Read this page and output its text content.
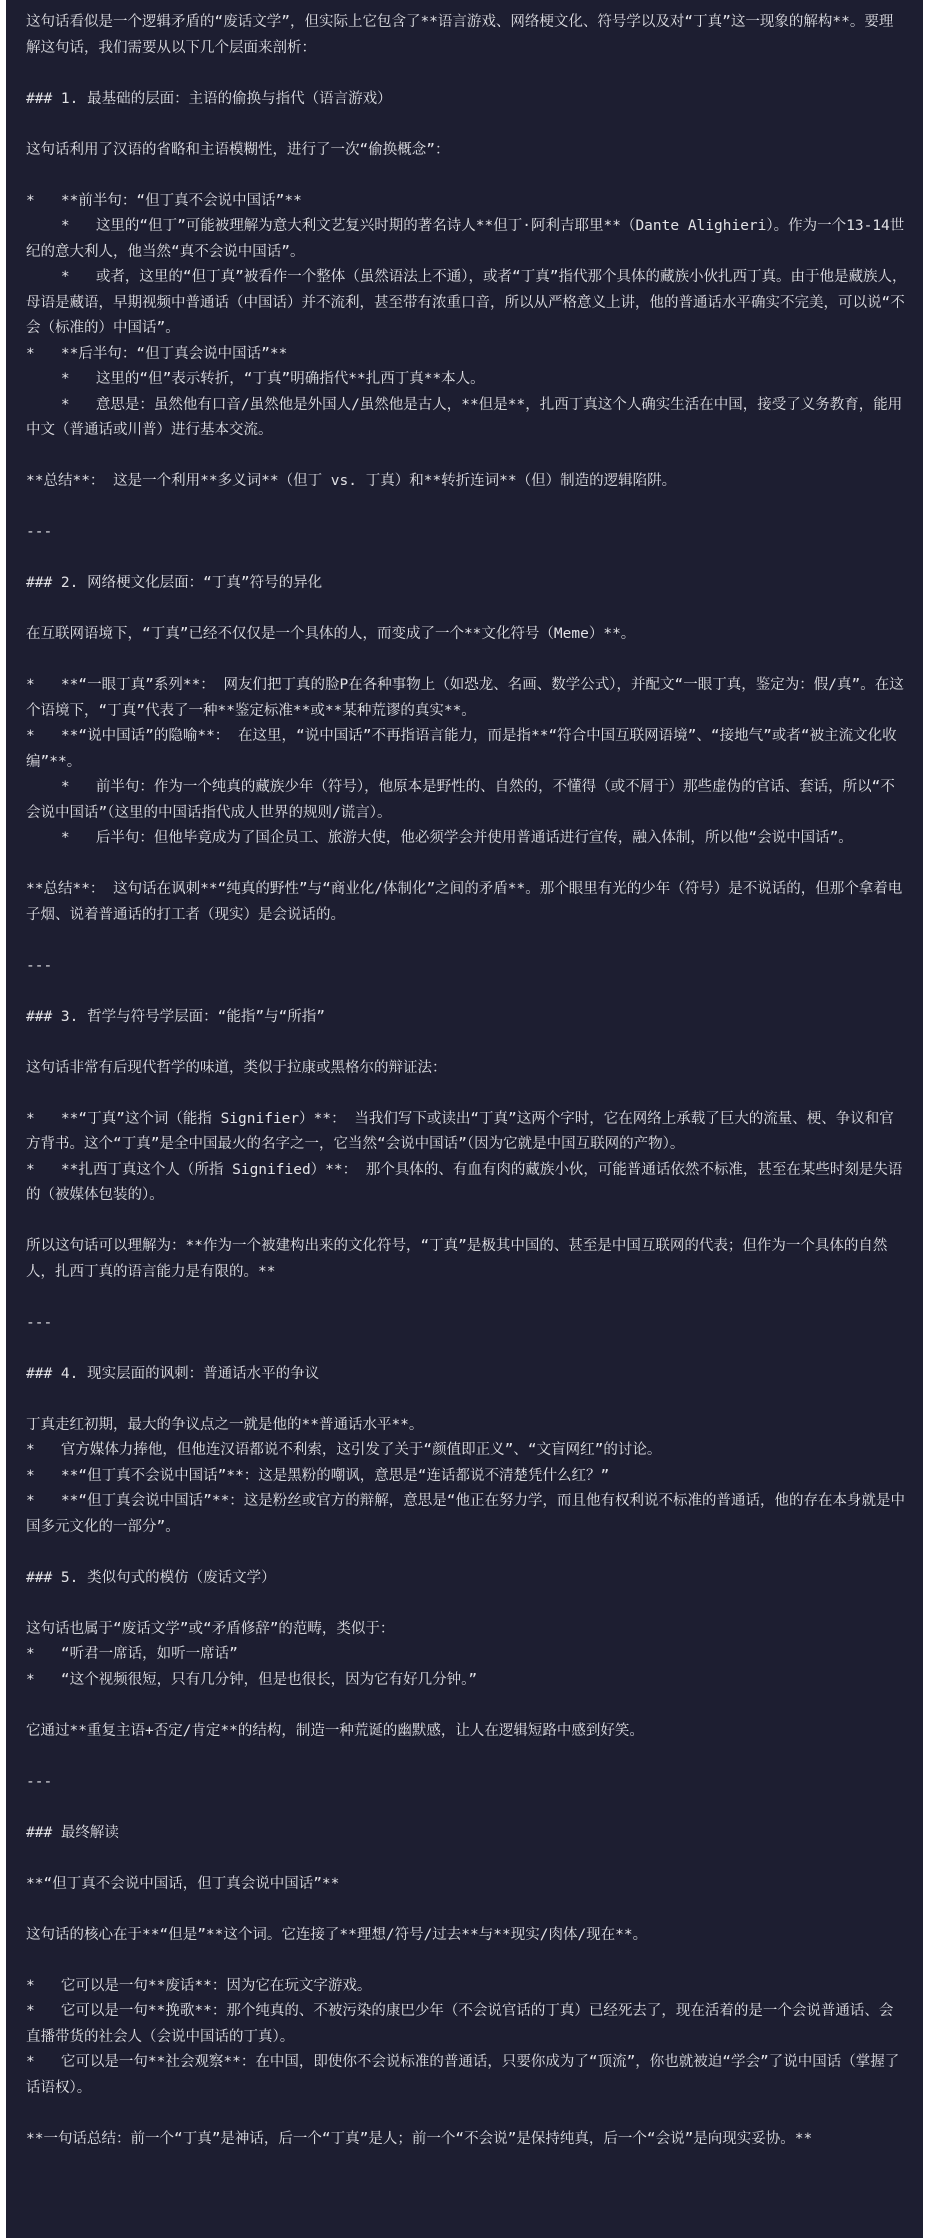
这句话看似是一个逻辑矛盾的“废话文学”，但实际上它包含了**语言游戏、网络梗文化、符号学以及对“丁真”这一现象的解构**。要理解这句话，我们需要从以下几个层面来剖析：
### 1. 最基础的层面：主语的偷换与指代（语言游戏）
这句话利用了汉语的省略和主语模糊性，进行了一次“偷换概念”：
*   **前半句：“但丁真不会说中国话”**
*   这里的“但丁”可能被理解为意大利文艺复兴时期的著名诗人**但丁·阿利吉耶里**（Dante Alighieri）。作为一个13-14世纪的意大利人，他当然“真不会说中国话”。
*   或者，这里的“但丁真”被看作一个整体（虽然语法上不通），或者“丁真”指代那个具体的藏族小伙扎西丁真。由于他是藏族人，母语是藏语，早期视频中普通话（中国话）并不流利，甚至带有浓重口音，所以从严格意义上讲，他的普通话水平确实不完美，可以说“不会（标准的）中国话”。
*   **后半句：“但丁真会说中国话”**
*   这里的“但”表示转折，“丁真”明确指代**扎西丁真**本人。
*   意思是：虽然他有口音/虽然他是外国人/虽然他是古人，**但是**，扎西丁真这个人确实生活在中国，接受了义务教育，能用中文（普通话或川普）进行基本交流。
**总结**： 这是一个利用**多义词**（但丁 vs. 丁真）和**转折连词**（但）制造的逻辑陷阱。
---
### 2. 网络梗文化层面：“丁真”符号的异化
在互联网语境下，“丁真”已经不仅仅是一个具体的人，而变成了一个**文化符号（Meme）**。
*   **“一眼丁真”系列**： 网友们把丁真的脸P在各种事物上（如恐龙、名画、数学公式），并配文“一眼丁真，鉴定为：假/真”。在这个语境下，“丁真”代表了一种**鉴定标准**或**某种荒谬的真实**。
*   **“说中国话”的隐喻**： 在这里，“说中国话”不再指语言能力，而是指**“符合中国互联网语境”、“接地气”或者“被主流文化收编”**。
*   前半句：作为一个纯真的藏族少年（符号），他原本是野性的、自然的，不懂得（或不屑于）那些虚伪的官话、套话，所以“不会说中国话”（这里的中国话指代成人世界的规则/谎言）。
*   后半句：但他毕竟成为了国企员工、旅游大使，他必须学会并使用普通话进行宣传，融入体制，所以他“会说中国话”。
**总结**： 这句话在讽刺**“纯真的野性”与“商业化/体制化”之间的矛盾**。那个眼里有光的少年（符号）是不说话的，但那个拿着电子烟、说着普通话的打工者（现实）是会说话的。
---
### 3. 哲学与符号学层面：“能指”与“所指”
这句话非常有后现代哲学的味道，类似于拉康或黑格尔的辩证法：
*   **“丁真”这个词（能指 Signifier）**： 当我们写下或读出“丁真”这两个字时，它在网络上承载了巨大的流量、梗、争议和官方背书。这个“丁真”是全中国最火的名字之一，它当然“会说中国话”（因为它就是中国互联网的产物）。
*   **扎西丁真这个人（所指 Signified）**： 那个具体的、有血有肉的藏族小伙，可能普通话依然不标准，甚至在某些时刻是失语的（被媒体包装的）。
所以这句话可以理解为：**作为一个被建构出来的文化符号，“丁真”是极其中国的、甚至是中国互联网的代表；但作为一个具体的自然人，扎西丁真的语言能力是有限的。**
---
### 4. 现实层面的讽刺：普通话水平的争议
丁真走红初期，最大的争议点之一就是他的**普通话水平**。
*   官方媒体力捧他，但他连汉语都说不利索，这引发了关于“颜值即正义”、“文盲网红”的讨论。
*   **“但丁真不会说中国话”**：这是黑粉的嘲讽，意思是“连话都说不清楚凭什么红？”
*   **“但丁真会说中国话”**：这是粉丝或官方的辩解，意思是“他正在努力学，而且他有权利说不标准的普通话，他的存在本身就是中国多元文化的一部分”。
### 5. 类似句式的模仿（废话文学）
这句话也属于“废话文学”或“矛盾修辞”的范畴，类似于：
*   “听君一席话，如听一席话”
*   “这个视频很短，只有几分钟，但是也很长，因为它有好几分钟。”
它通过**重复主语+否定/肯定**的结构，制造一种荒诞的幽默感，让人在逻辑短路中感到好笑。
---
### 最终解读
**“但丁真不会说中国话，但丁真会说中国话”**
这句话的核心在于**“但是”**这个词。它连接了**理想/符号/过去**与**现实/肉体/现在**。
*   它可以是一句**废话**：因为它在玩文字游戏。
*   它可以是一句**挽歌**：那个纯真的、不被污染的康巴少年（不会说官话的丁真）已经死去了，现在活着的是一个会说普通话、会直播带货的社会人（会说中国话的丁真）。
*   它可以是一句**社会观察**：在中国，即使你不会说标准的普通话，只要你成为了“顶流”，你也就被迫“学会”了说中国话（掌握了话语权）。
**一句话总结：前一个“丁真”是神话，后一个“丁真”是人；前一个“不会说”是保持纯真，后一个“会说”是向现实妥协。**
